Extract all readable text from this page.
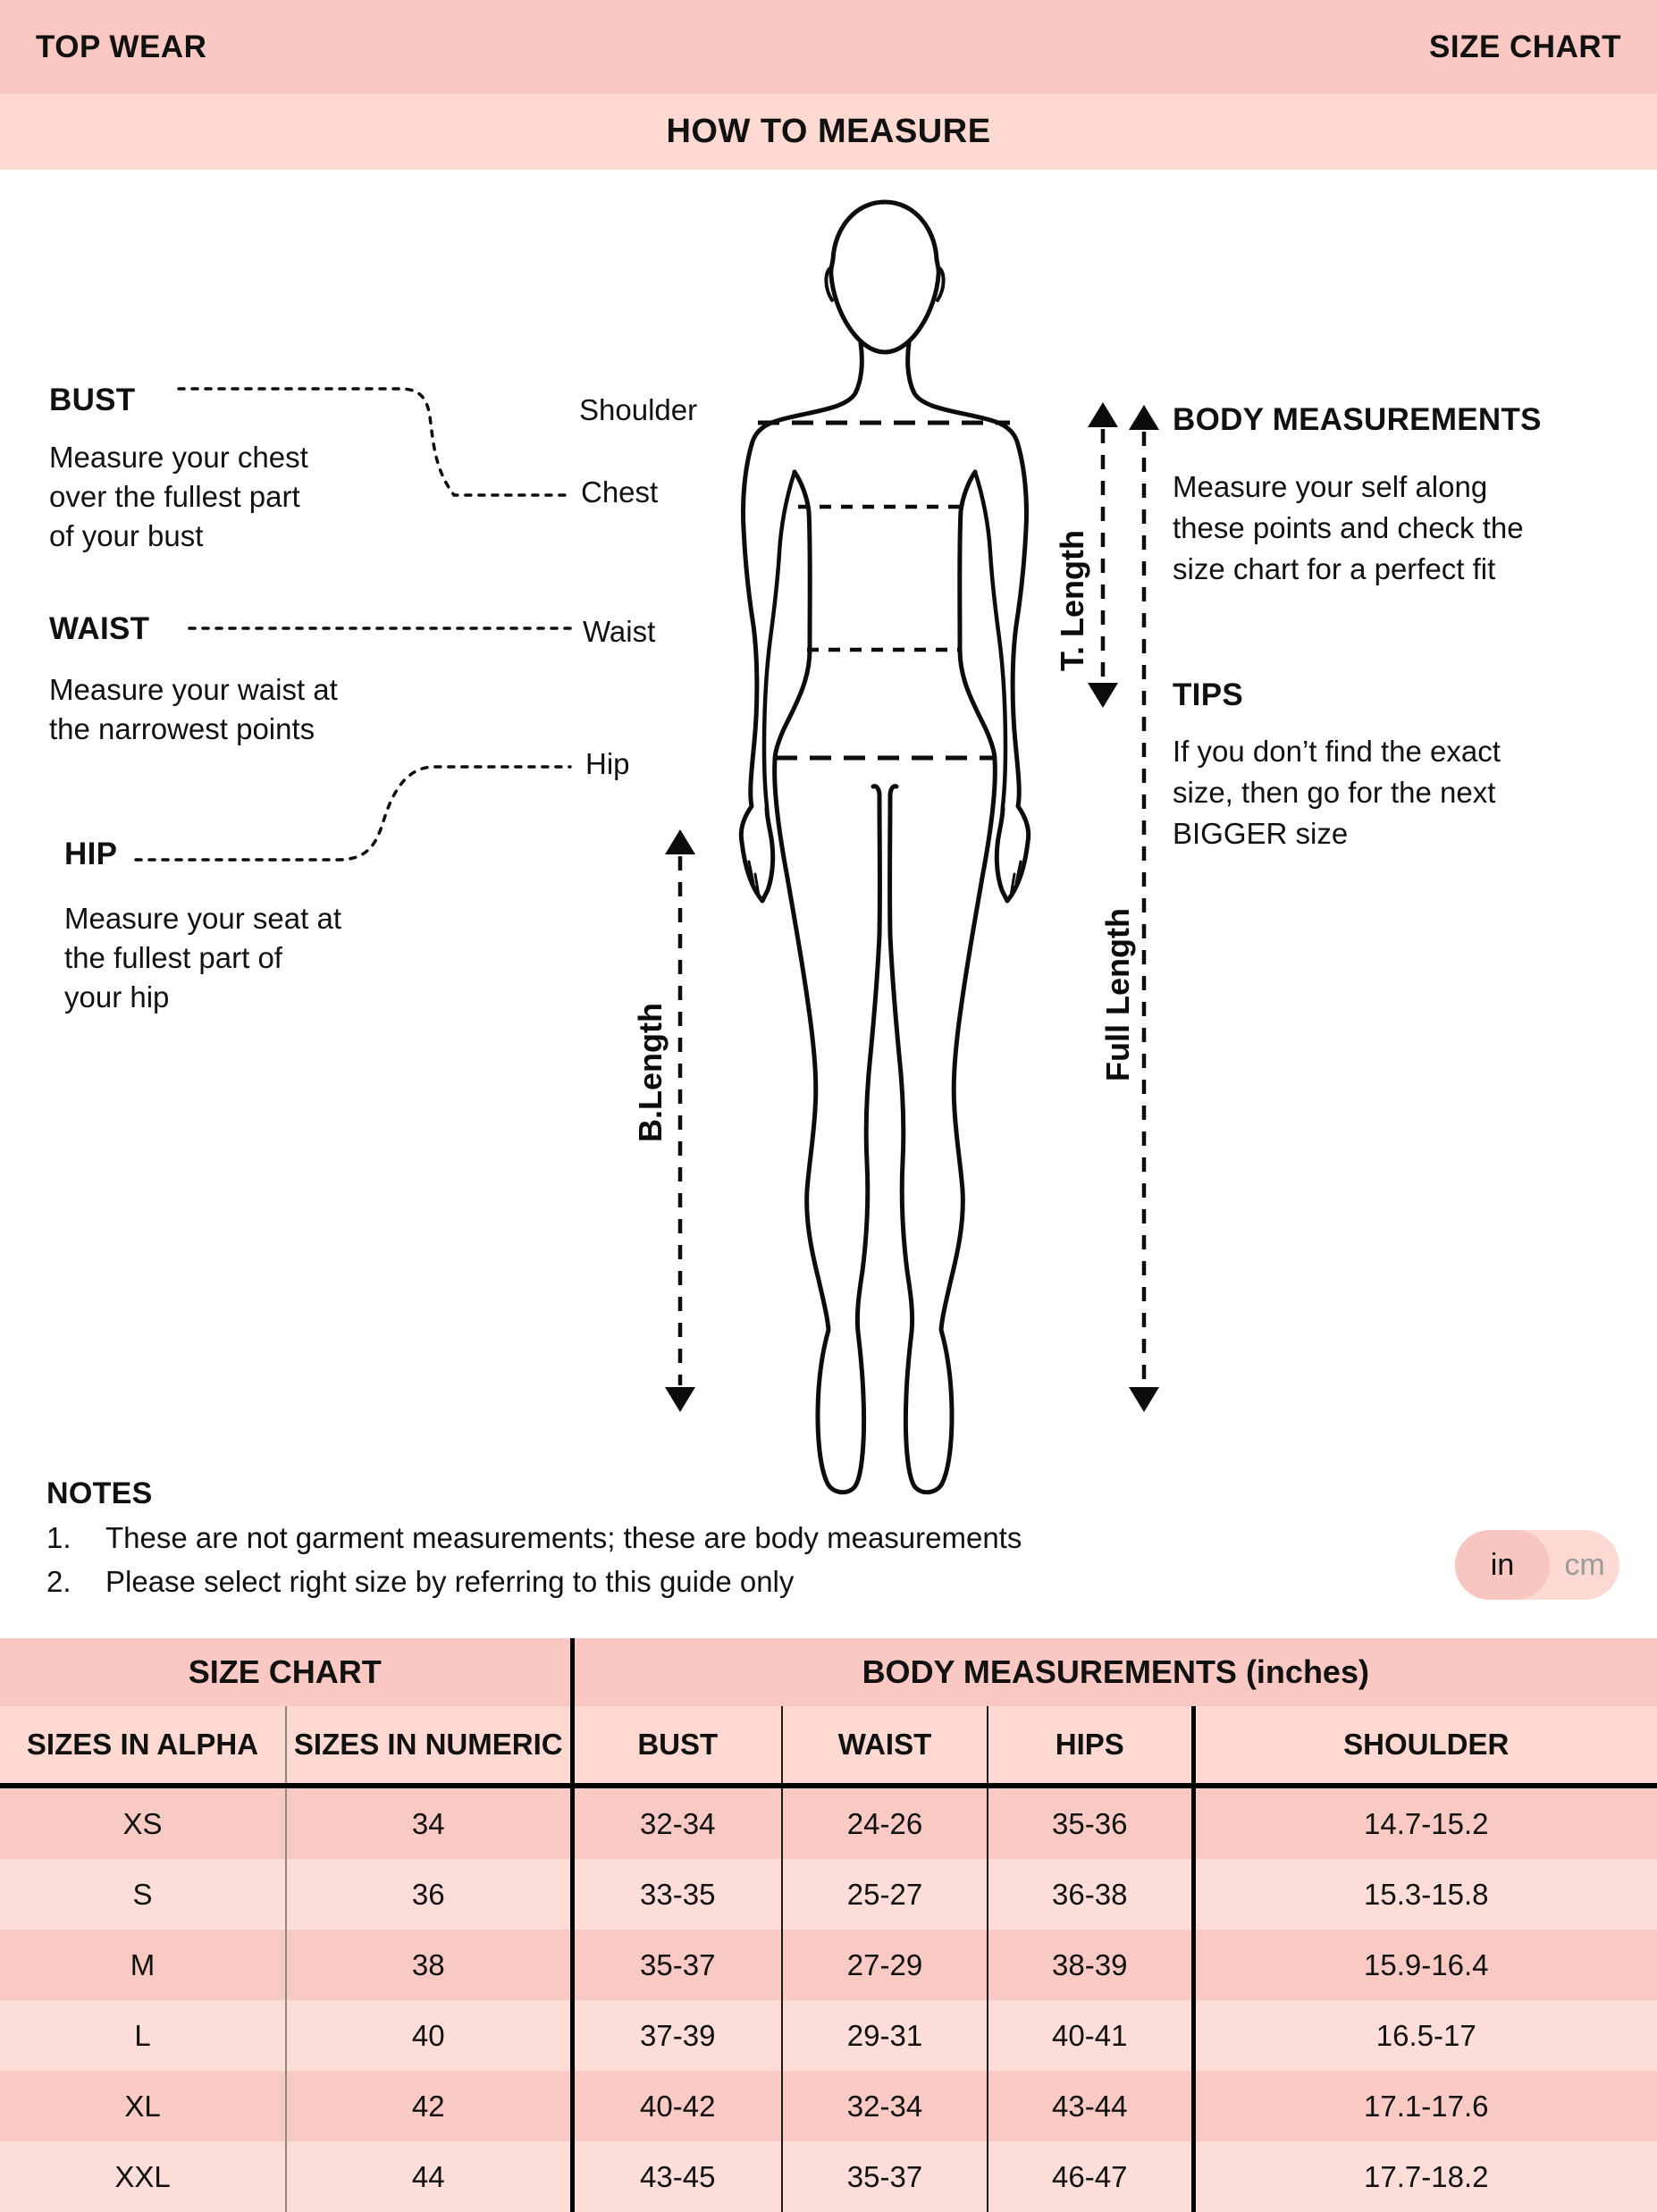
TOP WEAR	SIZE CHART
HOW TO MEASURE
T. Length
B.Length	Full Length
BUST
Measure your chest
over the fullest part
of your bust
WAIST
Measure your waist at
the narrowest points
HIP
Measure your seat at
the fullest part of
your hip
Shoulder
Chest
Waist
Hip
BODY MEASUREMENTS
Measure your self along
these points and check the
size chart for a perfect fit
TIPS
If you don’t find the exact
size, then go for the next
BIGGER size
NOTES
1.	These are not garment measurements; these are body measurements
2.	Please select right size by referring to this guide only	in	cm
SIZE CHART		BODY MEASUREMENTS (inches)			
SIZES IN ALPHA	SIZES IN NUMERIC	BUST	WAIST	HIPS	SHOULDER
XS	34	32-34	24-26	35-36	14.7-15.2
S	36	33-35	25-27	36-38	15.3-15.8
M	38	35-37	27-29	38-39	15.9-16.4
L	40	37-39	29-31	40-41	16.5-17
XL	42	40-42	32-34	43-44	17.1-17.6
XXL	44	43-45	35-37	46-47	17.7-18.2
